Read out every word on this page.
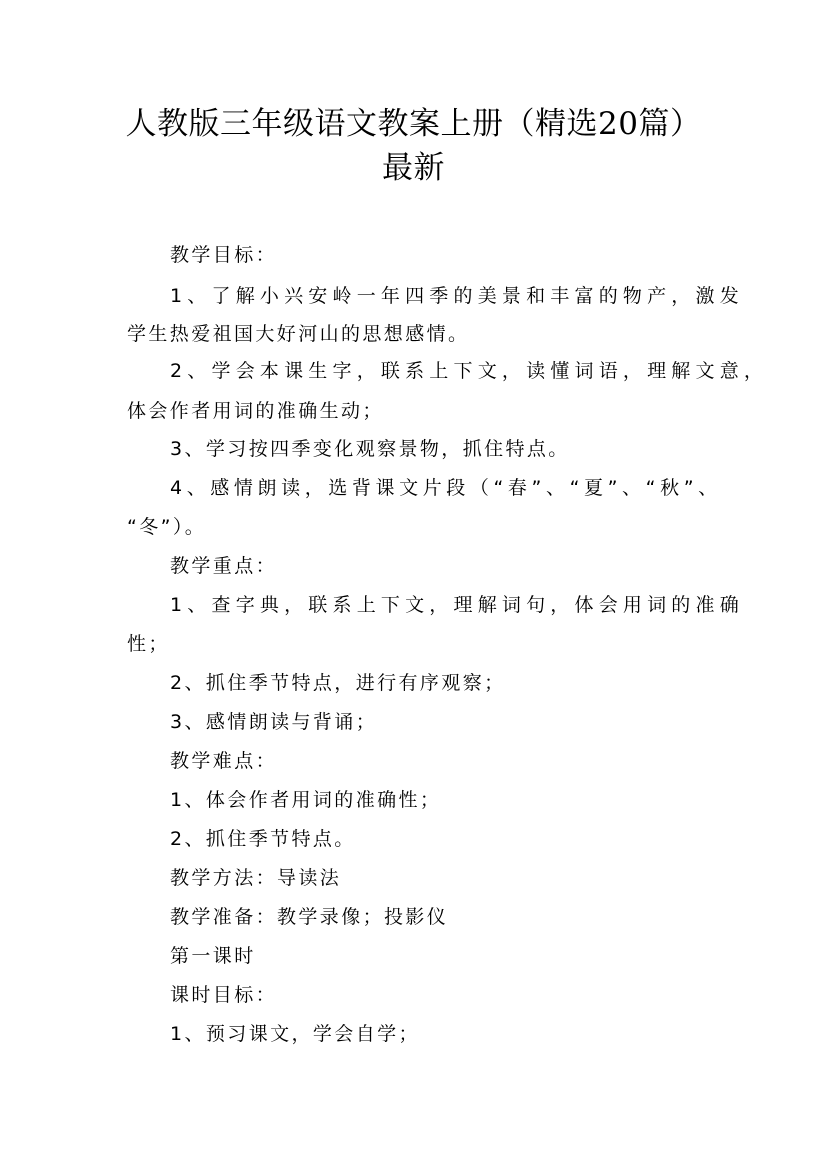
人教版三年级语文教案上册（精选20篇）
最新
教学目标：
1、了解小兴安岭一年四季的美景和丰富的物产，激发
学生热爱祖国大好河山的思想感情。
2、学会本课生字，联系上下文，读懂词语，理解文意，
体会作者用词的准确生动；
3、学习按四季变化观察景物，抓住特点。
4、感情朗读，选背课文片段（“春”、“夏”、“秋”、
“冬”）。
教学重点：
1、查字典，联系上下文，理解词句，体会用词的准确
性；
2、抓住季节特点，进行有序观察；
3、感情朗读与背诵；
教学难点：
1、体会作者用词的准确性；
2、抓住季节特点。
教学方法：导读法
教学准备：教学录像；投影仪
第一课时
课时目标：
1、预习课文，学会自学；
